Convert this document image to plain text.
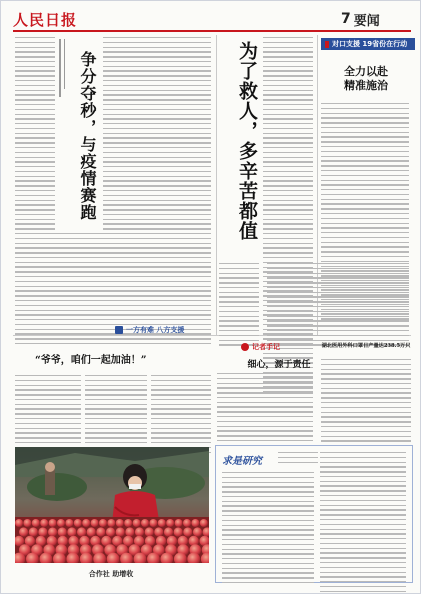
人民日报	7 要闻
争分夺秒，与疫情赛跑	为了救人，多辛苦都值	对口支援 19省份在行动
全力以赴
精准施治
一方有难 八方支援
“爷爷，咱们一起加油！”
记者手记
细心，源于责任
湖北医用外科口罩日产量达238.5万只
合作社 助增收
求是研究
